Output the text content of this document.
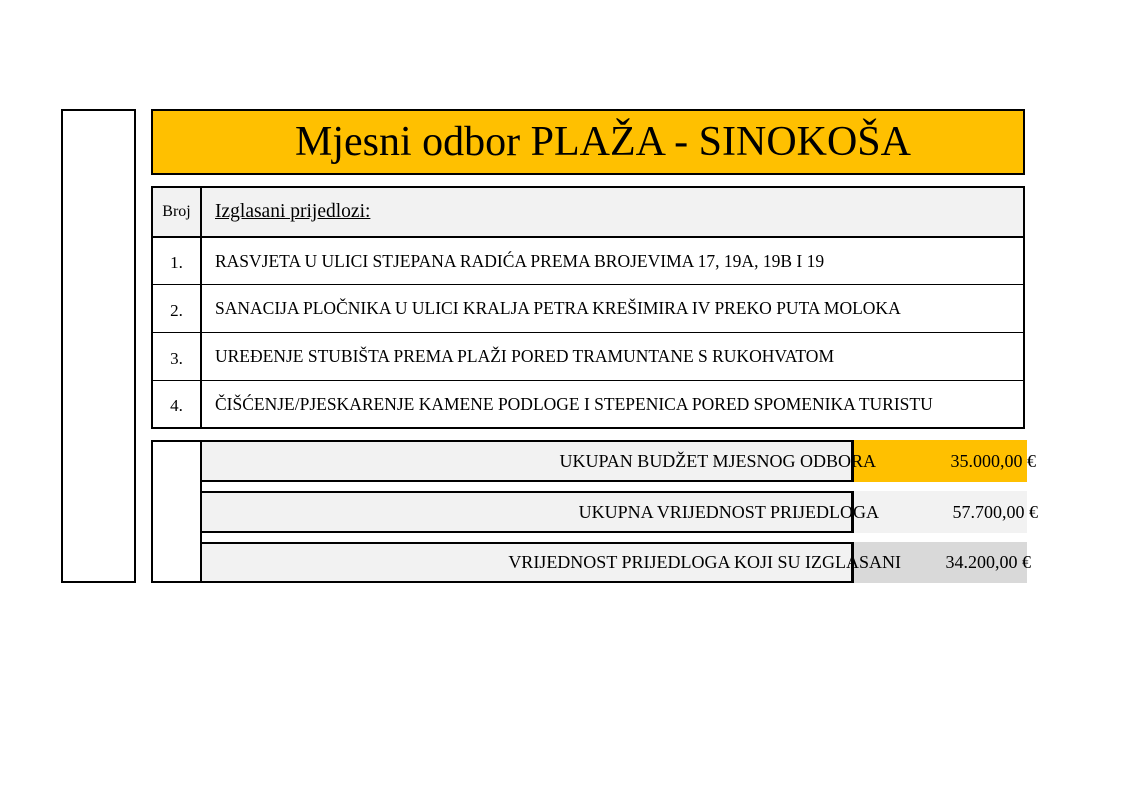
Mjesni odbor PLAŽA - SINOKOŠA
Broj	Izglasani prijedlozi:
1.	RASVJETA U ULICI STJEPANA RADIĆA PREMA BROJEVIMA 17, 19A, 19B I 19
2.	SANACIJA PLOČNIKA U ULICI KRALJA PETRA KREŠIMIRA IV PREKO PUTA MOLOKA
3.	UREĐENJE STUBIŠTA PREMA PLAŽI PORED TRAMUNTANE S RUKOHVATOM
4.	ČIŠĆENJE/PJESKARENJE KAMENE PODLOGE I STEPENICA PORED SPOMENIKA TURISTU
UKUPAN BUDŽET MJESNOG ODBORA	35.000,00 €
UKUPNA VRIJEDNOST PRIJEDLOGA	57.700,00 €
VRIJEDNOST PRIJEDLOGA KOJI SU IZGLASANI 34.200,00 €
